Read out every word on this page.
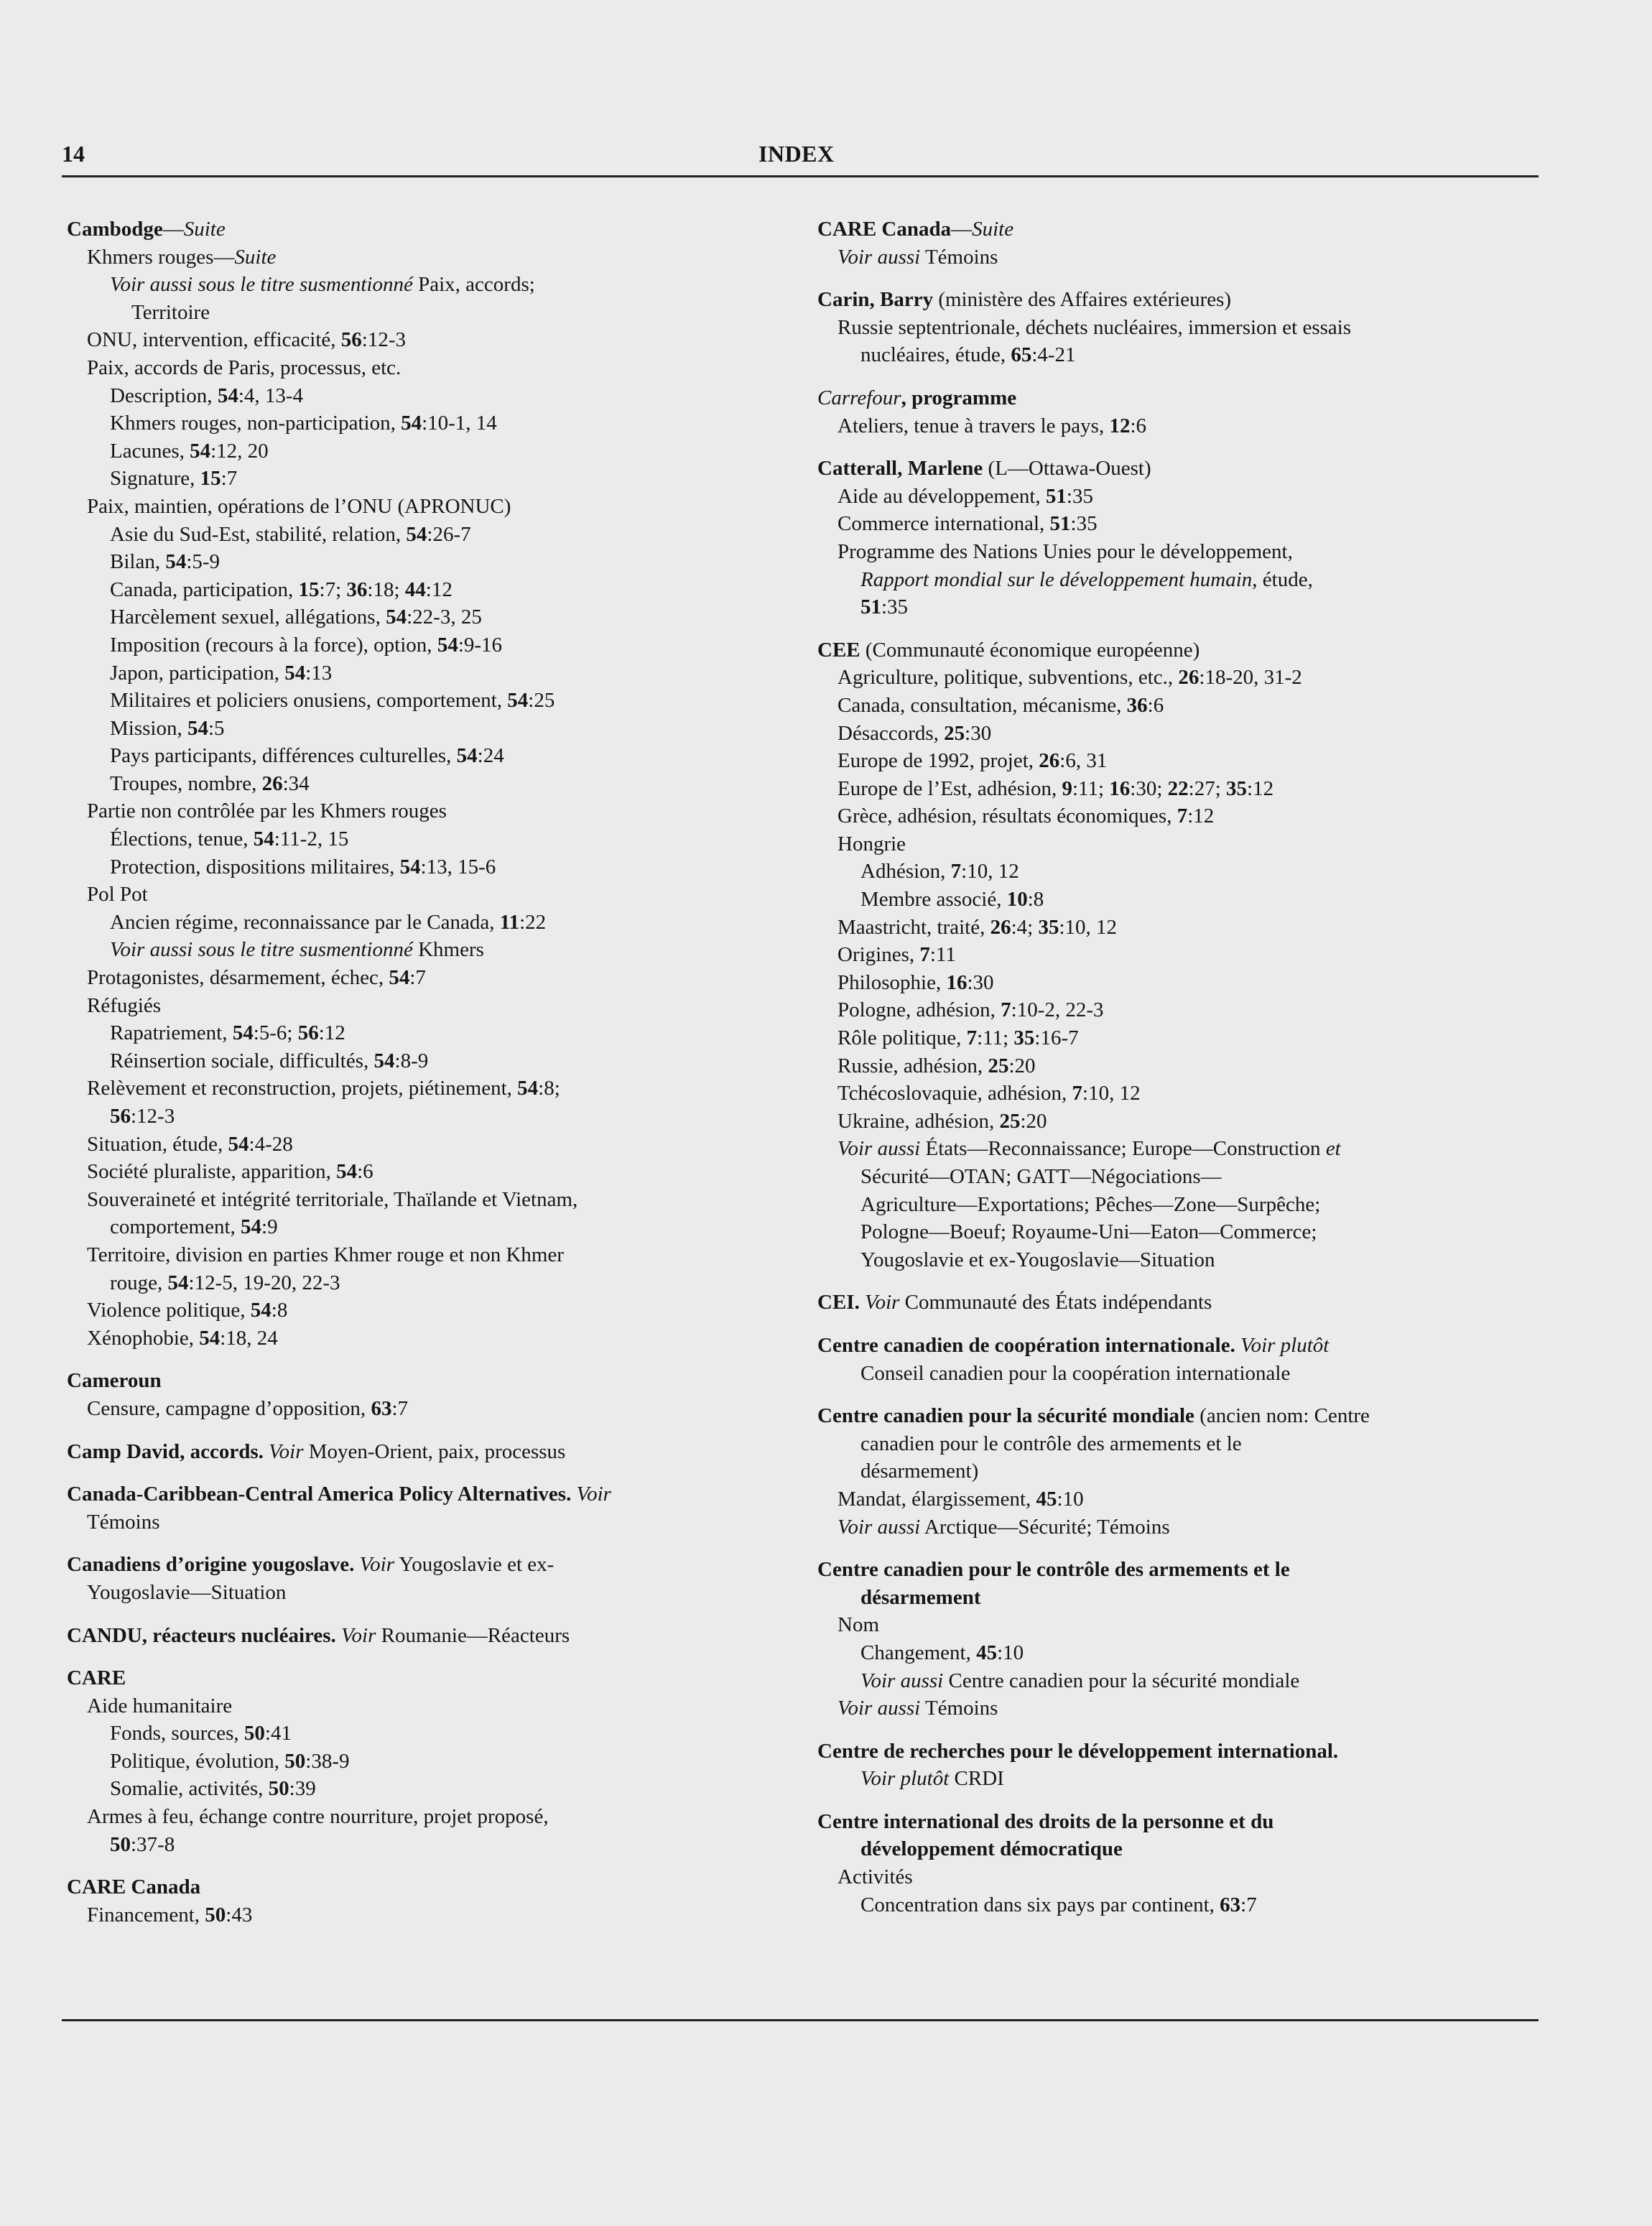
14	INDEX
Cambodge—Suite
Khmers rouges—Suite
Voir aussi sous le titre susmentionné Paix, accords;
Territoire
ONU, intervention, efficacité, 56:12-3
Paix, accords de Paris, processus, etc.
Description, 54:4, 13-4
Khmers rouges, non-participation, 54:10-1, 14
Lacunes, 54:12, 20
Signature, 15:7
Paix, maintien, opérations de l’ONU (APRONUC)
Asie du Sud-Est, stabilité, relation, 54:26-7
Bilan, 54:5-9
Canada, participation, 15:7; 36:18; 44:12
Harcèlement sexuel, allégations, 54:22-3, 25
Imposition (recours à la force), option, 54:9-16
Japon, participation, 54:13
Militaires et policiers onusiens, comportement, 54:25
Mission, 54:5
Pays participants, différences culturelles, 54:24
Troupes, nombre, 26:34
Partie non contrôlée par les Khmers rouges
Élections, tenue, 54:11-2, 15
Protection, dispositions militaires, 54:13, 15-6
Pol Pot
Ancien régime, reconnaissance par le Canada, 11:22
Voir aussi sous le titre susmentionné Khmers
Protagonistes, désarmement, échec, 54:7
Réfugiés
Rapatriement, 54:5-6; 56:12
Réinsertion sociale, difficultés, 54:8-9
Relèvement et reconstruction, projets, piétinement, 54:8;
56:12-3
Situation, étude, 54:4-28
Société pluraliste, apparition, 54:6
Souveraineté et intégrité territoriale, Thaïlande et Vietnam,
comportement, 54:9
Territoire, division en parties Khmer rouge et non Khmer
rouge, 54:12-5, 19-20, 22-3
Violence politique, 54:8
Xénophobie, 54:18, 24
Cameroun
Censure, campagne d’opposition, 63:7
Camp David, accords. Voir Moyen-Orient, paix, processus
Canada-Caribbean-Central America Policy Alternatives. Voir
Témoins
Canadiens d’origine yougoslave. Voir Yougoslavie et ex-
Yougoslavie—Situation
CANDU, réacteurs nucléaires. Voir Roumanie—Réacteurs
CARE
Aide humanitaire
Fonds, sources, 50:41
Politique, évolution, 50:38-9
Somalie, activités, 50:39
Armes à feu, échange contre nourriture, projet proposé,
50:37-8
CARE Canada
Financement, 50:43
CARE Canada—Suite
Voir aussi Témoins
Carin, Barry (ministère des Affaires extérieures)
Russie septentrionale, déchets nucléaires, immersion et essais
nucléaires, étude, 65:4-21
Carrefour, programme
Ateliers, tenue à travers le pays, 12:6
Catterall, Marlene (L—Ottawa-Ouest)
Aide au développement, 51:35
Commerce international, 51:35
Programme des Nations Unies pour le développement,
Rapport mondial sur le développement humain, étude,
51:35
CEE (Communauté économique européenne)
Agriculture, politique, subventions, etc., 26:18-20, 31-2
Canada, consultation, mécanisme, 36:6
Désaccords, 25:30
Europe de 1992, projet, 26:6, 31
Europe de l’Est, adhésion, 9:11; 16:30; 22:27; 35:12
Grèce, adhésion, résultats économiques, 7:12
Hongrie
Adhésion, 7:10, 12
Membre associé, 10:8
Maastricht, traité, 26:4; 35:10, 12
Origines, 7:11
Philosophie, 16:30
Pologne, adhésion, 7:10-2, 22-3
Rôle politique, 7:11; 35:16-7
Russie, adhésion, 25:20
Tchécoslovaquie, adhésion, 7:10, 12
Ukraine, adhésion, 25:20
Voir aussi États—Reconnaissance; Europe—Construction et
Sécurité—OTAN; GATT—Négociations—
Agriculture—Exportations; Pêches—Zone—Surpêche;
Pologne—Boeuf; Royaume-Uni—Eaton—Commerce;
Yougoslavie et ex-Yougoslavie—Situation
CEI. Voir Communauté des États indépendants
Centre canadien de coopération internationale. Voir plutôt
Conseil canadien pour la coopération internationale
Centre canadien pour la sécurité mondiale (ancien nom: Centre
canadien pour le contrôle des armements et le
désarmement)
Mandat, élargissement, 45:10
Voir aussi Arctique—Sécurité; Témoins
Centre canadien pour le contrôle des armements et le
désarmement
Nom
Changement, 45:10
Voir aussi Centre canadien pour la sécurité mondiale
Voir aussi Témoins
Centre de recherches pour le développement international.
Voir plutôt CRDI
Centre international des droits de la personne et du
développement démocratique
Activités
Concentration dans six pays par continent, 63:7
